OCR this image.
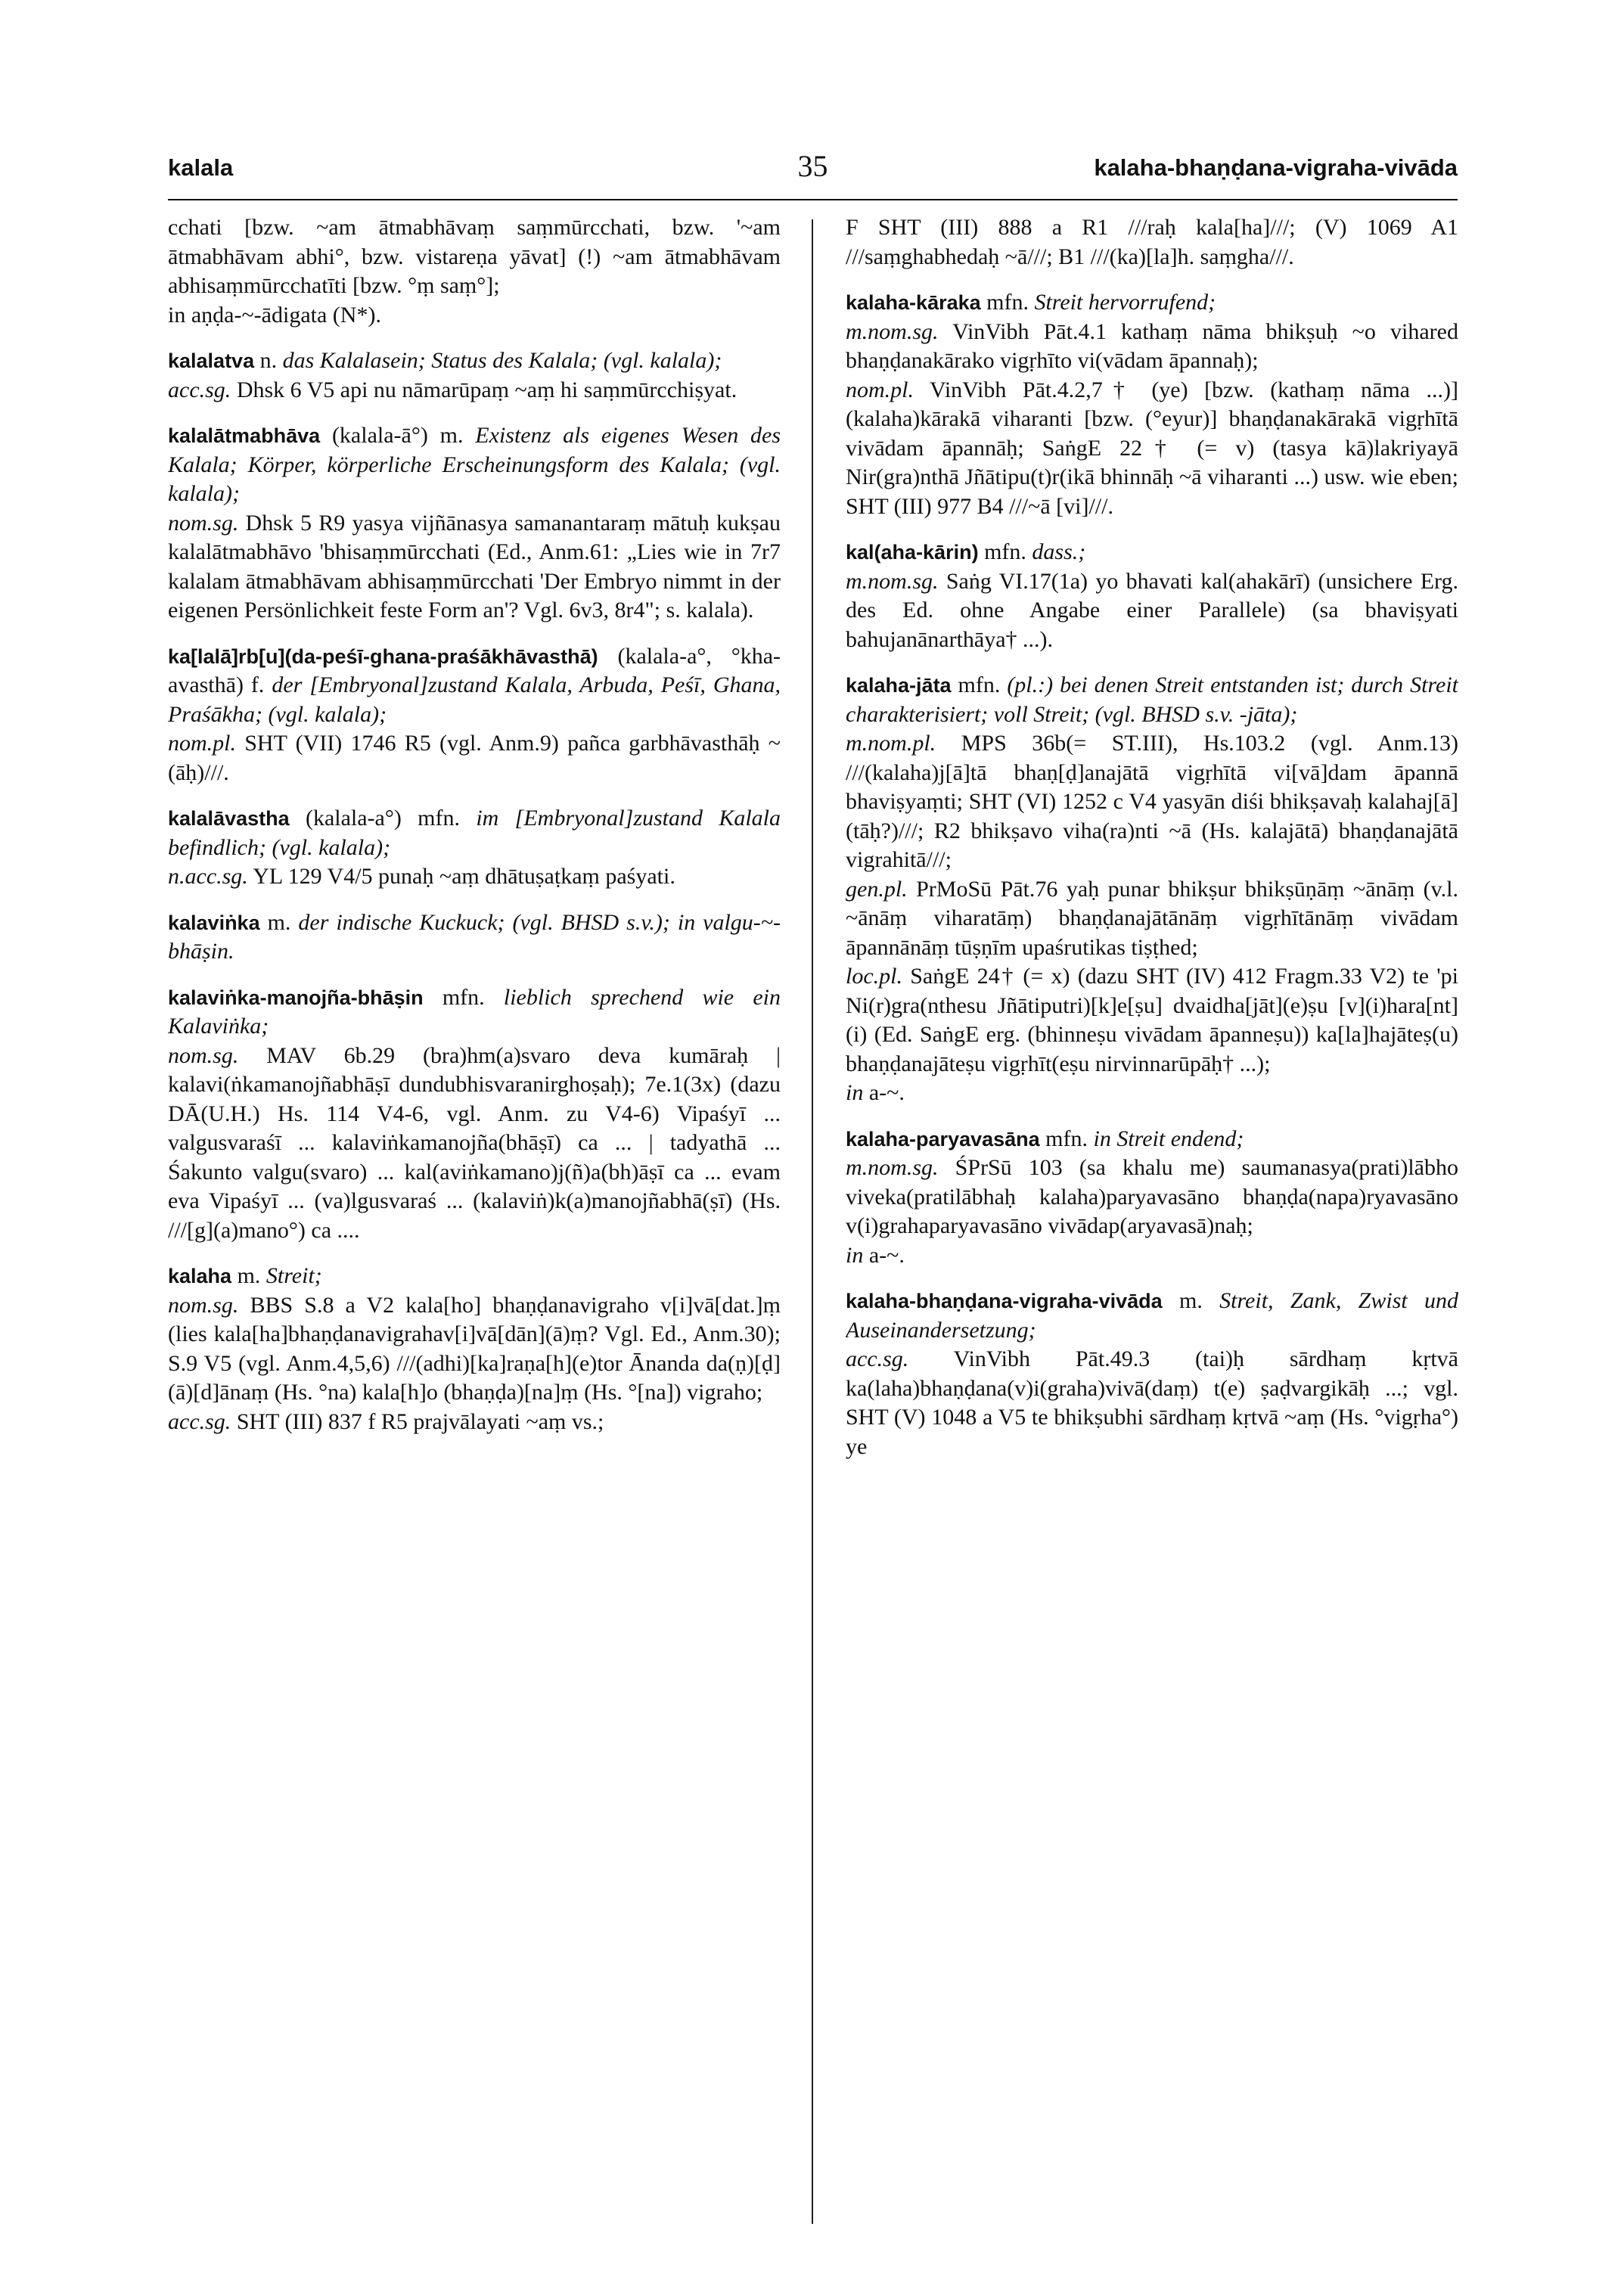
kalala	35	kalaha-bhaṇḍana-vigraha-vivāda

cchati [bzw. ~am ātmabhāvaṃ saṃmūrcchati, bzw. '~am ātmabhāvam abhi°, bzw. vistareṇa yāvat] (!) ~am ātmabhāvam abhisaṃmūrcchatīti [bzw. °ṃ saṃ°];

in aṇḍa-~-ādigata (N*).

kalalatva n. das Kalalasein; Status des Kalala; (vgl. kalala);

acc.sg. Dhsk 6 V5 api nu nāmarūpaṃ ~aṃ hi saṃmūrcchiṣyat.

kalalātmabhāva (kalala-ā°) m. Existenz als eigenes Wesen des Kalala; Körper, körperliche Erscheinungsform des Kalala; (vgl. kalala);

nom.sg. Dhsk 5 R9 yasya vijñānasya samanantaraṃ mātuḥ kukṣau kalalātmabhāvo 'bhisaṃmūrcchati (Ed., Anm.61: „Lies wie in 7r7 kalalam ātmabhāvam abhisaṃmūrcchati 'Der Embryo nimmt in der eigenen Persönlichkeit feste Form an'? Vgl. 6v3, 8r4"; s. kalala).

ka[lalā]rb[u](da-peśī-ghana-praśākhāvasthā) (kalala-a°, °kha-avasthā) f. der [Embryonal]zustand Kalala, Arbuda, Peśī, Ghana, Praśākha; (vgl. kalala);

nom.pl. SHT (VII) 1746 R5 (vgl. Anm.9) pañca garbhāvasthāḥ ~(āḥ)///.

kalalāvastha (kalala-a°) mfn. im [Embryonal]zustand Kalala befindlich; (vgl. kalala);

n.acc.sg. YL 129 V4/5 punaḥ ~aṃ dhātuṣaṭkaṃ paśyati.

kalaviṅka m. der indische Kuckuck; (vgl. BHSD s.v.); in valgu-~-bhāṣin.

kalaviṅka-manojña-bhāṣin mfn. lieblich sprechend wie ein Kalaviṅka;

nom.sg. MAV 6b.29 (bra)hm(a)svaro deva kumāraḥ | kalavi(ṅkamanojñabhāṣī dundubhisvaranirghoṣaḥ); 7e.1(3x) (dazu DĀ(U.H.) Hs. 114 V4-6, vgl. Anm. zu V4-6) Vipaśyī ... valgusvaraśī ... kalaviṅkamanojña(bhāṣī) ca ... | tadyathā ... Śakunto valgu(svaro) ... kal(aviṅkamano)j(ñ)a(bh)āṣī ca ... evam eva Vipaśyī ... (va)lgusvaraś ... (kalaviṅ)k(a)manojñabhā(ṣī) (Hs. ///[g](a)mano°) ca ....

kalaha m. Streit;

nom.sg. BBS S.8 a V2 kala[ho] bhaṇḍanavigraho v[i]vā[dat.]ṃ (lies kala[ha]bhaṇḍanavigrahav[i]vā[dān](ā)ṃ? Vgl. Ed., Anm.30); S.9 V5 (vgl. Anm.4,5,6) ///(adhi)[ka]raṇa[h](e)tor Ānanda da(ṇ)[ḍ](ā)[d]ānaṃ (Hs. °na) kala[h]o (bhaṇḍa)[na]ṃ (Hs. °[na]) vigraho;

acc.sg. SHT (III) 837 f R5 prajvālayati ~aṃ vs.;

F SHT (III) 888 a R1 ///raḥ kala[ha]///; (V) 1069 A1 ///saṃghabhedaḥ ~ā///; B1 ///(ka)[la]h. saṃgha///.

kalaha-kāraka mfn. Streit hervorrufend;

m.nom.sg. VinVibh Pāt.4.1 kathaṃ nāma bhikṣuḥ ~o vihared bhaṇḍanakārako vigṛhīto vi(vādam āpannaḥ);

nom.pl. VinVibh Pāt.4.2,7† (ye) [bzw. (kathaṃ nāma ...)] (kalaha)kārakā viharanti [bzw. (°eyur)] bhaṇḍanakārakā vigṛhītā vivādam āpannāḥ; SaṅgE 22† (= v) (tasya kā)lakriyayā Nir(gra)nthā Jñātipu(t)r(ikā bhinnāḥ ~ā viharanti ...) usw. wie eben; SHT (III) 977 B4 ///~ā [vi]///.

kal(aha-kārin) mfn. dass.;

m.nom.sg. Saṅg VI.17(1a) yo bhavati kal(ahakārī) (unsichere Erg. des Ed. ohne Angabe einer Parallele) (sa bhaviṣyati bahujanānarthāya† ...).

kalaha-jāta mfn. (pl.:) bei denen Streit entstanden ist; durch Streit charakterisiert; voll Streit; (vgl. BHSD s.v. -jāta);

m.nom.pl. MPS 36b(= ST.III), Hs.103.2 (vgl. Anm.13) ///(kalaha)j[ā]tā bhaṇ[ḍ]anajātā vigṛhītā vi[vā]dam āpannā bhaviṣyaṃti; SHT (VI) 1252 c V4 yasyān diśi bhikṣavaḥ kalahaj[ā](tāḥ?)///; R2 bhikṣavo viha(ra)nti ~ā (Hs. kalajātā) bhaṇḍanajātā vigrahitā///;

gen.pl. PrMoSū Pāt.76 yaḥ punar bhikṣur bhikṣūṇāṃ ~ānāṃ (v.l. ~ānāṃ viharatāṃ) bhaṇḍanajātānāṃ vigṛhītānāṃ vivādam āpannānāṃ tūṣṇīm upaśrutikas tiṣṭhed;

loc.pl. SaṅgE 24† (= x) (dazu SHT (IV) 412 Fragm.33 V2) te 'pi Ni(r)gra(nthesu Jñātiputri)[k]e[ṣu] dvaidha[jāt](e)ṣu [v](i)hara[nt](i) (Ed. SaṅgE erg. (bhinneṣu vivādam āpanneṣu)) ka[la]hajāteṣ(u) bhaṇḍanajāteṣu vigṛhīt(eṣu nirvinnarūpāḥ† ...);

in a-~.

kalaha-paryavasāna mfn. in Streit endend;

m.nom.sg. ŚPrSū 103 (sa khalu me) saumanasya(prati)lābho viveka(pratilābhaḥ kalaha)paryavasāno bhaṇḍa(napa)ryavasāno v(i)grahaparyavasāno vivādap(aryavasā)naḥ;

in a-~.

kalaha-bhaṇḍana-vigraha-vivāda m. Streit, Zank, Zwist und Auseinandersetzung;

acc.sg. VinVibh Pāt.49.3 (tai)ḥ sārdhaṃ kṛtvā ka(laha)bhaṇḍana(v)i(graha)vivā(daṃ) t(e) ṣaḍvargikāḥ ...; vgl. SHT (V) 1048 a V5 te bhikṣubhi sārdhaṃ kṛtvā ~aṃ (Hs. °vigṛha°) ye
